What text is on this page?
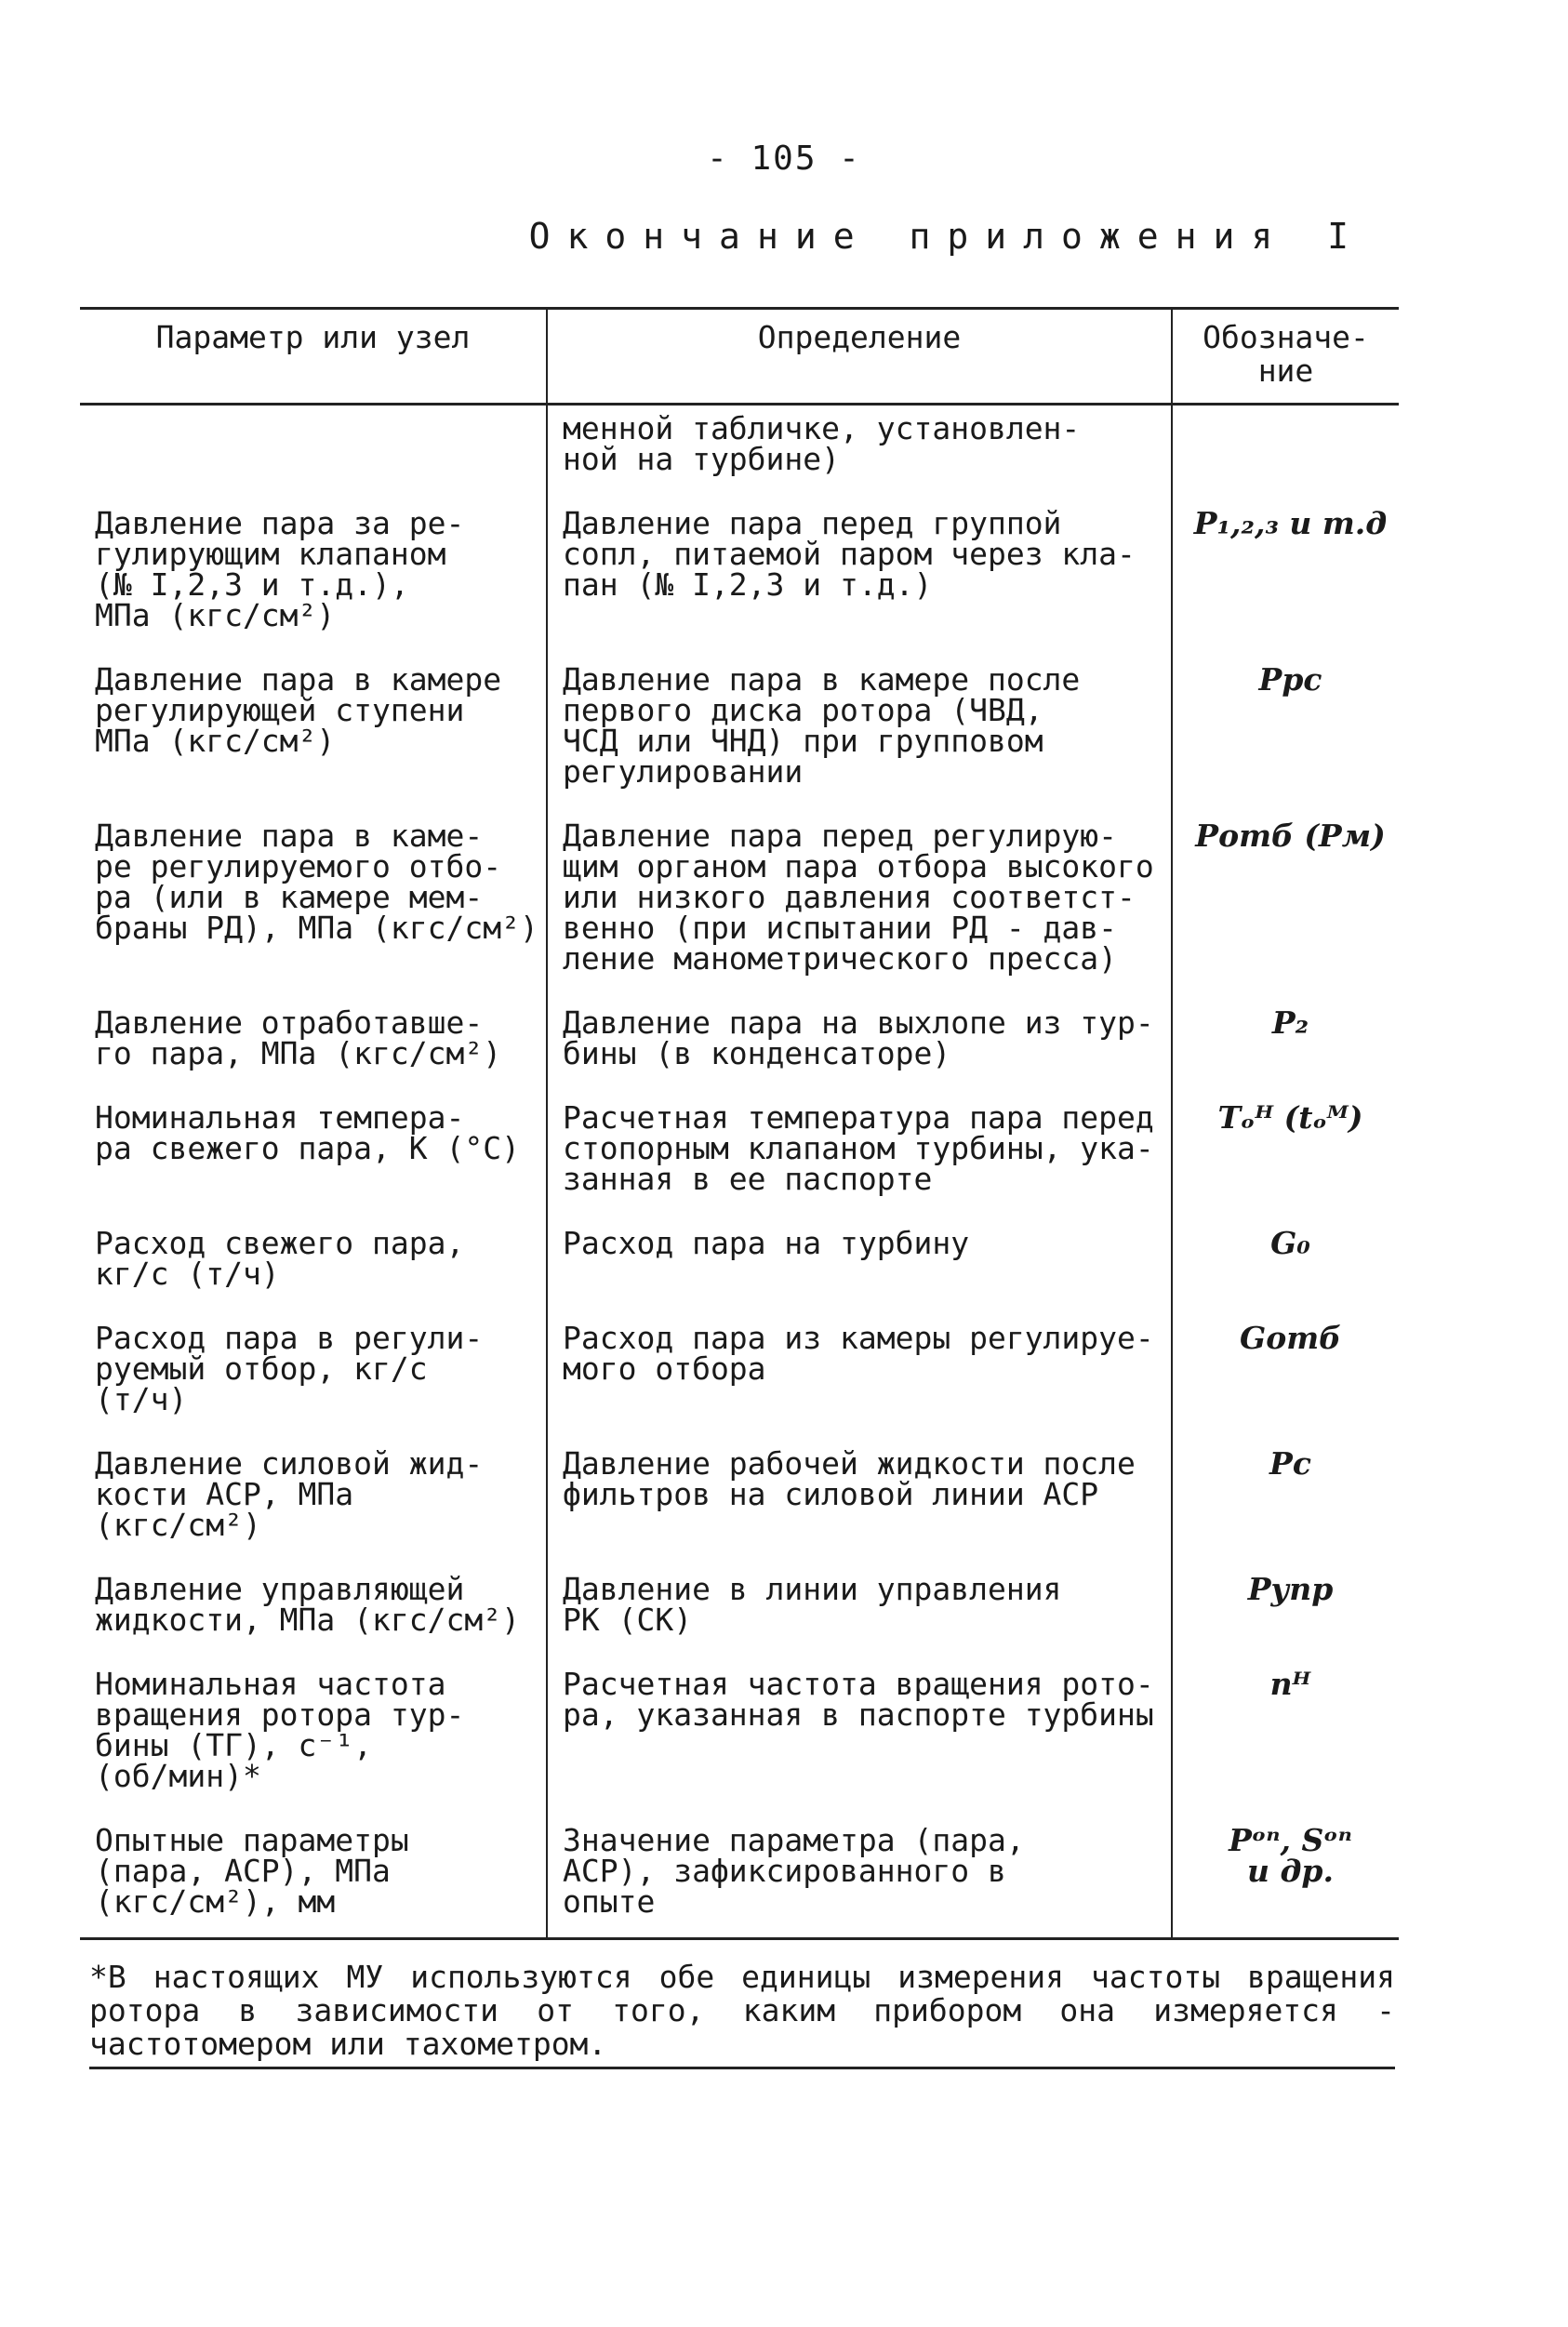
- 105 -
Окончание приложения I
Параметр или узел	Определение	Обозначе-
ние
	менной табличке, установлен-
ной на турбине)	
Давление пара за ре-
гулирующим клапаном
(№ I,2,3 и т.д.),
МПа (кгс/см²)	Давление пара перед группой
сопл, питаемой паром через кла-
пан (№ I,2,3 и т.д.)	P₁,₂,₃ и т.д
Давление пара в камере
регулирующей ступени
МПа (кгс/см²)	Давление пара в камере после
первого диска ротора (ЧВД,
ЧСД или ЧНД) при групповом
регулировании	Pрс
Давление пара в каме-
ре регулируемого отбо-
ра (или в камере мем-
браны РД), МПа (кгс/см²)	Давление пара перед регулирую-
щим органом пара отбора высокого
или низкого давления соответст-
венно (при испытании РД - дав-
ление манометрического пресса)	Pотб (Pм)
Давление отработавше-
го пара, МПа (кгс/см²)	Давление пара на выхлопе из тур-
бины (в конденсаторе)	P₂
Номинальная темпера-
ра свежего пара, К (°С)	Расчетная температура пара перед
стопорным клапаном турбины, ука-
занная в ее паспорте	Tₒᴴ (tₒᴹ)
Расход свежего пара,
кг/с (т/ч)	Расход пара на турбину	G₀
Расход пара в регули-
руемый отбор, кг/с
(т/ч)	Расход пара из камеры регулируе-
мого отбора	Gотб
Давление силовой жид-
кости АСР, МПа
(кгс/см²)	Давление рабочей жидкости после
фильтров на силовой линии АСР	Pс
Давление управляющей
жидкости, МПа (кгс/см²)	Давление в линии управления
РК (СК)	Pупр
Номинальная частота
вращения ротора тур-
бины (ТГ), с⁻¹,
(об/мин)*	Расчетная частота вращения рото-
ра, указанная в паспорте турбины	nᴴ
Опытные параметры
(пара, АСР), МПа
(кгс/см²), мм	Значение параметра (пара,
АСР), зафиксированного в
опыте	Pᵒⁿ, Sᵒⁿ
и др.
*В настоящих МУ используются обе единицы измерения частоты вращения ротора в зависимости от того, каким прибором она измеряется - частотомером или тахометром.
